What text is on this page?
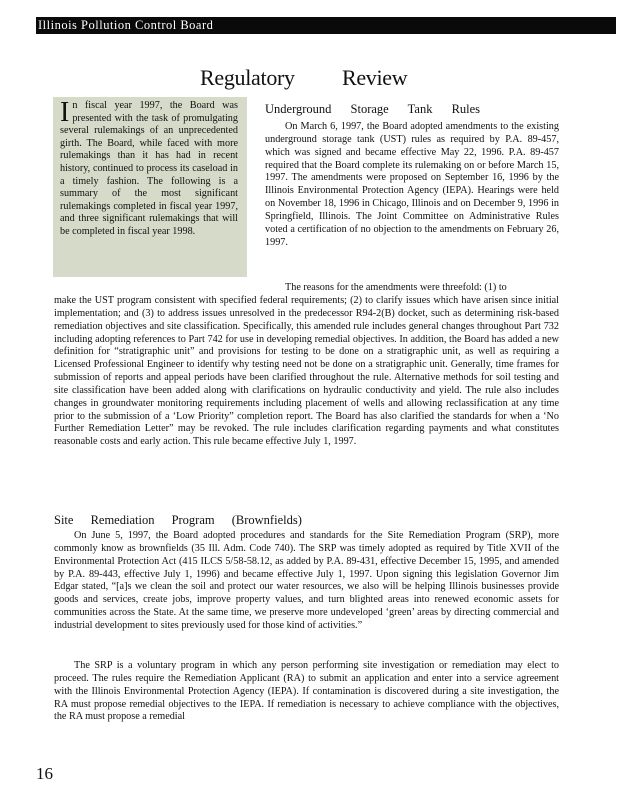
Illinois Pollution Control Board
Regulatory Review
In fiscal year 1997, the Board was presented with the task of promulgating several rulemakings of an unprecedented girth. The Board, while faced with more rulemakings than it has had in recent history, continued to process its caseload in a timely fashion. The following is a summary of the most significant rulemakings completed in fiscal year 1997, and three significant rulemakings that will be completed in fiscal year 1998.
Underground Storage Tank Rules
On March 6, 1997, the Board adopted amendments to the existing underground storage tank (UST) rules as required by P.A. 89-457, which was signed and became effective May 22, 1996. P.A. 89-457 required that the Board complete its rulemaking on or before March 15, 1997. The amendments were proposed on September 16, 1996 by the Illinois Environmental Protection Agency (IEPA). Hearings were held on November 18, 1996 in Chicago, Illinois and on December 9, 1996 in Springfield, Illinois. The Joint Committee on Administrative Rules voted a certification of no objection to the amendments on February 26, 1997.
The reasons for the amendments were threefold: (1) to
make the UST program consistent with specified federal requirements; (2) to clarify issues which have arisen since initial implementation; and (3) to address issues unresolved in the predecessor R94-2(B) docket, such as determining risk-based remediation objectives and site classification. Specifically, this amended rule includes general changes throughout Part 732 including adopting references to Part 742 for use in developing remedial objectives. In addition, the Board has added a new definition for “stratigraphic unit” and provisions for testing to be done on a stratigraphic unit, as well as requiring a Licensed Professional Engineer to identify why testing need not be done on a stratigraphic unit. Generally, time frames for submission of reports and appeal periods have been clarified throughout the rule. Alternative methods for soil testing and site classification have been added along with clarifications on hydraulic conductivity and yield. The rule also includes changes in groundwater monitoring requirements including placement of wells and allowing reclassification at any time prior to the submission of a ‘Low Priority” completion report. The Board has also clarified the standards for when a ‘No Further Remediation Letter” may be revoked. The rule includes clarification regarding payments and what constitutes reasonable costs and early action. This rule became effective July 1, 1997.
Site Remediation Program (Brownfields)
On June 5, 1997, the Board adopted procedures and standards for the Site Remediation Program (SRP), more commonly know as brownfields (35 Ill. Adm. Code 740). The SRP was timely adopted as required by Title XVII of the Environmental Protection Act (415 ILCS 5/58-58.12, as added by P.A. 89-431, effective December 15, 1995, and amended by P.A. 89-443, effective July 1, 1996) and became effective July 1, 1997. Upon signing this legislation Governor Jim Edgar stated, “[a]s we clean the soil and protect our water resources, we also will be helping Illinois businesses provide goods and services, create jobs, improve property values, and turn blighted areas into renewed economic assets for communities across the State. At the same time, we preserve more undeveloped ‘green’ areas by directing commercial and industrial development to sites previously used for those kind of activities.”
The SRP is a voluntary program in which any person performing site investigation or remediation may elect to proceed. The rules require the Remediation Applicant (RA) to submit an application and enter into a service agreement with the Illinois Environmental Protection Agency (IEPA). If contamination is discovered during a site investigation, the RA must propose remedial objectives to the IEPA. If remediation is necessary to achieve compliance with the objectives, the RA must propose a remedial
16
